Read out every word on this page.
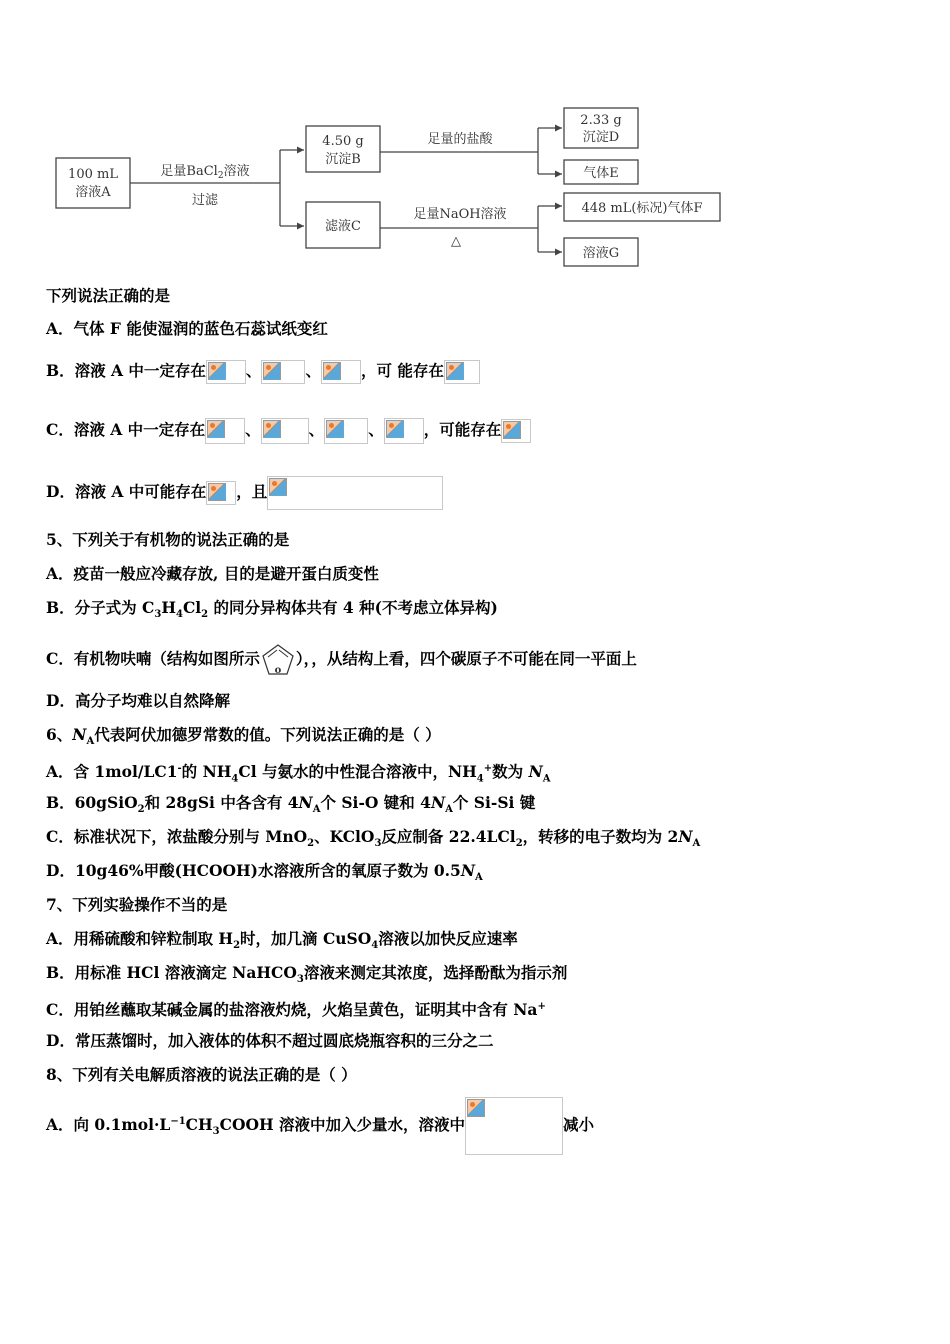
100 mL
溶液A
足量BaCl$_2$溶液
过滤
4.50 g
沉淀B
滤液C
足量的盐酸
足量NaOH溶液
△
2.33 g
沉淀D
气体E
448 mL(标况)气体F
溶液G
下列说法正确的是
A．气体 F 能使湿润的蓝色石蕊试纸变红
B．溶液 A 中一定存在	、	、	，可 能存在
C．溶液 A 中一定存在	、	、	、	，可能存在
D．溶液 A 中可能存在 ，且
5、下列关于有机物的说法正确的是
A．疫苗一般应冷藏存放, 目的是避开蛋白质变性
B．分子式为 $C_3H_4Cl_2$ 的同分异构体共有 4 种(不考虑立体异构)
C．有机物呋喃（结构如图所示
o
），，从结构上看，四个碳原子不可能在同一平面上
D．高分子均难以自然降解
6、$N_A$代表阿伏加德罗常数的值。下列说法正确的是（ ）
A．含 1mol/LC1-的 $NH_4Cl$ 与氨水的中性混合溶液中，$NH_4^+$数为 $N_A$
B．60gSiO$_2$和 28gSi 中各含有 $4N_A$个 Si-O 键和 $4N_A$个 Si-Si 键
C．标准状况下，浓盐酸分别与 MnO$_2$、KClO$_3$反应制备 22.4LCl$_2$，转移的电子数均为 $2N_A$
D．10g46%甲酸(HCOOH)水溶液所含的氧原子数为 $0.5N_A$
7、下列实验操作不当的是
A．用稀硫酸和锌粒制取 $H_2$时，加几滴 CuSO$_4$溶液以加快反应速率
B．用标准 HCl 溶液滴定 NaHCO$_3$溶液来测定其浓度，选择酚酞为指示剂
C．用铂丝蘸取某碱金属的盐溶液灼烧，火焰呈黄色，证明其中含有 Na+
D．常压蒸馏时，加入液体的体积不超过圆底烧瓶容积的三分之二
8、下列有关电解质溶液的说法正确的是（ ）
A．向 $0.1mol\cdot L^{-1}CH_3COOH$ 溶液中加入少量水，溶液中	减小
